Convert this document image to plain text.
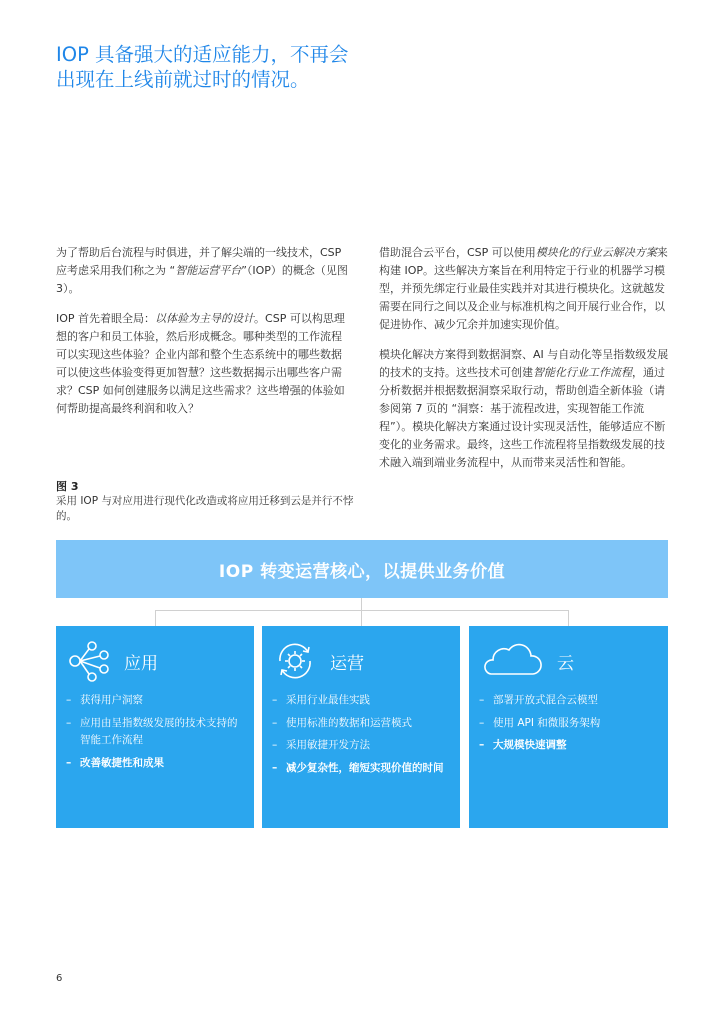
IOP 具备强大的适应能力，不再会出现在上线前就过时的情况。

为了帮助后台流程与时俱进，并了解尖端的一线技术，CSP 应考虑采用我们称之为 “智能运营平台”（IOP）的概念（见图 3）。

IOP 首先着眼全局：以体验为主导的设计。CSP 可以构思理想的客户和员工体验，然后形成概念。哪种类型的工作流程可以实现这些体验？企业内部和整个生态系统中的哪些数据可以使这些体验变得更加智慧？这些数据揭示出哪些客户需求？CSP 如何创建服务以满足这些需求？这些增强的体验如何帮助提高最终利润和收入？

借助混合云平台，CSP 可以使用模块化的行业云解决方案来构建 IOP。这些解决方案旨在利用特定于行业的机器学习模型，并预先绑定行业最佳实践并对其进行模块化。这就越发需要在同行之间以及企业与标准机构之间开展行业合作，以促进协作、减少冗余并加速实现价值。

模块化解决方案得到数据洞察、AI 与自动化等呈指数级发展的技术的支持。这些技术可创建智能化行业工作流程，通过分析数据并根据数据洞察采取行动，帮助创造全新体验（请参阅第 7 页的 “洞察：基于流程改进，实现智能工作流程”）。模块化解决方案通过设计实现灵活性，能够适应不断变化的业务需求。最终，这些工作流程将呈指数级发展的技术融入端到端业务流程中，从而带来灵活性和智能。

图 3
采用 IOP 与对应用进行现代化改造或将应用迁移到云是并行不悖的。
IOP 转变运营核心，以提供业务价值
应用
– 获得用户洞察
– 应用由呈指数级发展的技术支持的智能工作流程
– 改善敏捷性和成果
运营
– 采用行业最佳实践
– 使用标准的数据和运营模式
– 采用敏捷开发方法
– 减少复杂性，缩短实现价值的时间
云
– 部署开放式混合云模型
– 使用 API 和微服务架构
– 大规模快速调整
6
